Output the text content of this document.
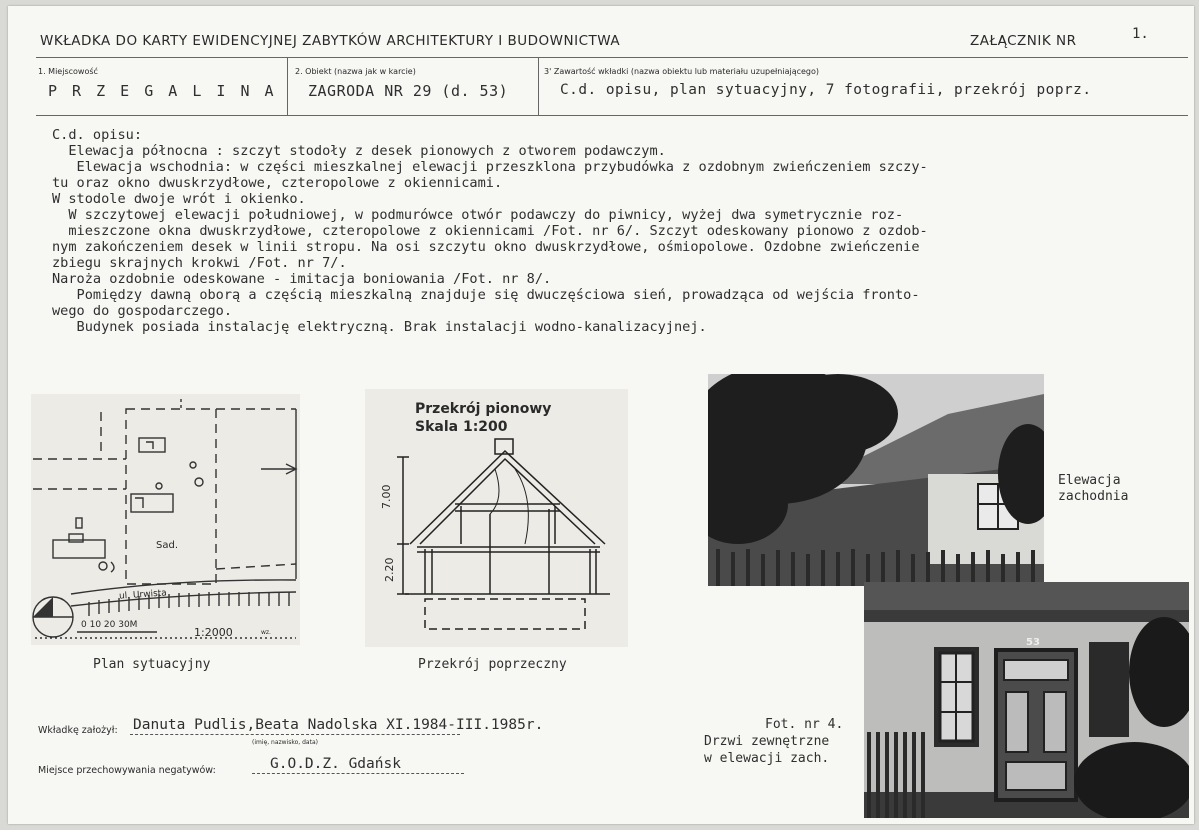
WKŁADKA DO KARTY EWIDENCYJNEJ ZABYTKÓW ARCHITEKTURY I BUDOWNICTWA	ZAŁĄCZNIK NR	1.
1. Miejscowość
P R Z E G A L I N A
2. Obiekt (nazwa jak w karcie)
ZAGRODA NR 29 (d. 53)
3' Zawartość wkładki (nazwa obiektu lub materiału uzupełniającego)
C.d. opisu, plan sytuacyjny, 7 fotografii, przekrój poprz.
C.d. opisu:
Elewacja północna : szczyt stodoły z desek pionowych z otworem podawczym.
Elewacja wschodnia: w części mieszkalnej elewacji przeszklona przybudówka z ozdobnym zwieńczeniem szczy-
tu oraz okno dwuskrzydłowe, czteropolowe z okiennicami.
W stodole dwoje wrót i okienko.
W szczytowej elewacji południowej, w podmurówce otwór podawczy do piwnicy, wyżej dwa symetrycznie roz-
mieszczone okna dwuskrzydłowe, czteropolowe z okiennicami /Fot. nr 6/. Szczyt odeskowany pionowo z ozdob-
nym zakończeniem desek w linii stropu. Na osi szczytu okno dwuskrzydłowe, ośmiopolowe. Ozdobne zwieńczenie
zbiegu skrajnych krokwi /Fot. nr 7/.
Naroża ozdobnie odeskowane - imitacja boniowania /Fot. nr 8/.
Pomiędzy dawną oborą a częścią mieszkalną znajduje się dwuczęściowa sień, prowadząca od wejścia fronto-
wego do gospodarczego.
Budynek posiada instalację elektryczną. Brak instalacji wodno-kanalizacyjnej.
Sad.
ul. Urwista
0 10 20 30M
1:2000	wz.
Plan sytuacyjny
Przekrój pionowy
Skala 1:200
7.00
2.20
Przekrój poprzeczny
Elewacja
zachodnia
53
Fot. nr 4.
Drzwi zewnętrzne
w elewacji zach.
Wkładkę założył: Danuta Pudlis,Beata Nadolska XI.1984-III.1985r.
(imię, nazwisko, data)
Miejsce przechowywania negatywów:	G.O.D.Z. Gdańsk
